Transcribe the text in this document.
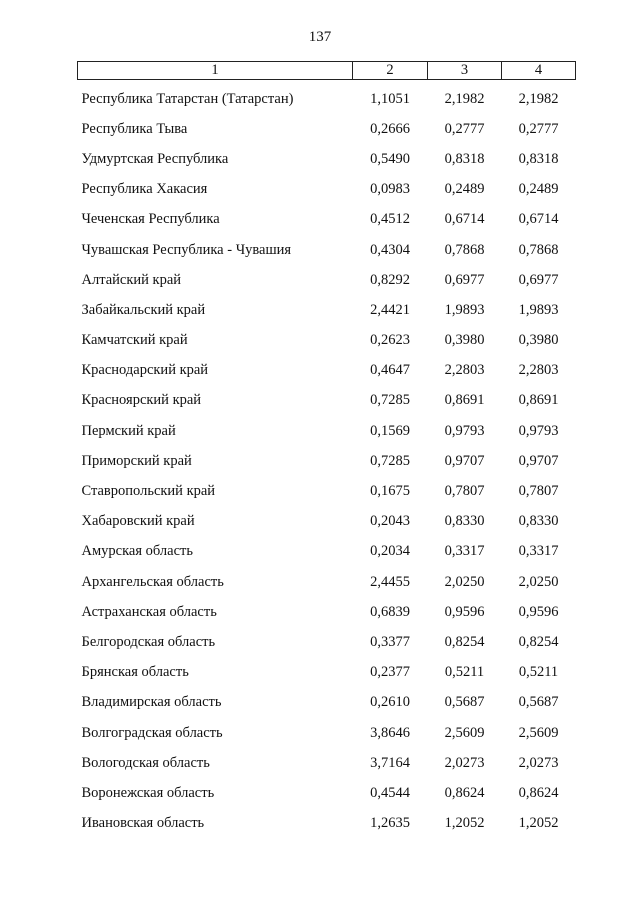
137
1	2	3	4
Республика Татарстан (Татарстан)	1,1051	2,1982	2,1982
Республика Тыва	0,2666	0,2777	0,2777
Удмуртская Республика	0,5490	0,8318	0,8318
Республика Хакасия	0,0983	0,2489	0,2489
Чеченская Республика	0,4512	0,6714	0,6714
Чувашская Республика - Чувашия	0,4304	0,7868	0,7868
Алтайский край	0,8292	0,6977	0,6977
Забайкальский край	2,4421	1,9893	1,9893
Камчатский край	0,2623	0,3980	0,3980
Краснодарский край	0,4647	2,2803	2,2803
Красноярский край	0,7285	0,8691	0,8691
Пермский край	0,1569	0,9793	0,9793
Приморский край	0,7285	0,9707	0,9707
Ставропольский край	0,1675	0,7807	0,7807
Хабаровский край	0,2043	0,8330	0,8330
Амурская область	0,2034	0,3317	0,3317
Архангельская область	2,4455	2,0250	2,0250
Астраханская область	0,6839	0,9596	0,9596
Белгородская область	0,3377	0,8254	0,8254
Брянская область	0,2377	0,5211	0,5211
Владимирская область	0,2610	0,5687	0,5687
Волгоградская область	3,8646	2,5609	2,5609
Вологодская область	3,7164	2,0273	2,0273
Воронежская область	0,4544	0,8624	0,8624
Ивановская область	1,2635	1,2052	1,2052
